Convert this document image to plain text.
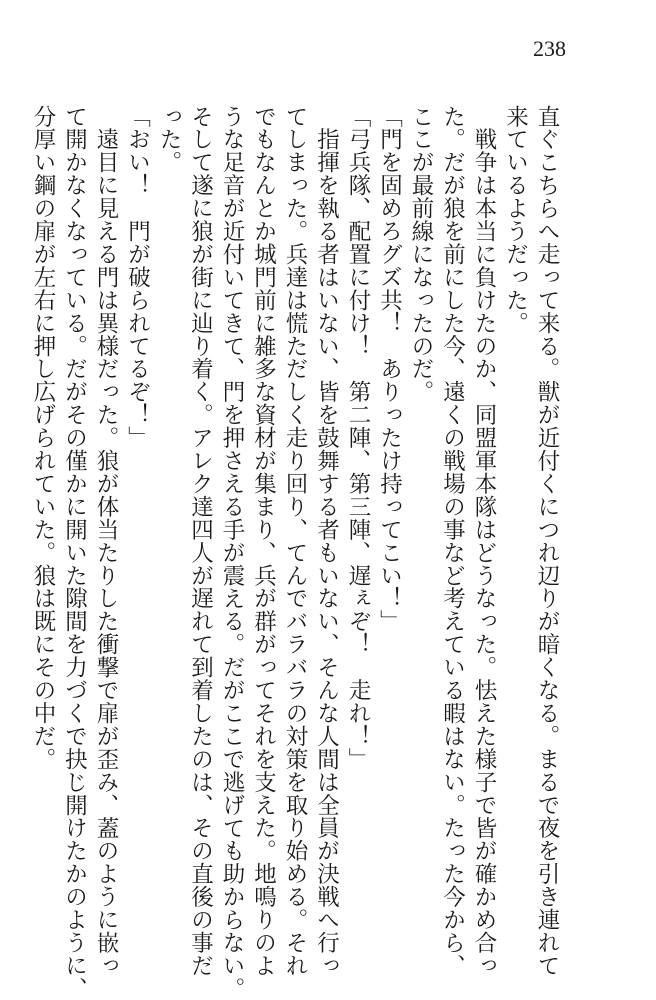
238
直ぐこちらへ走って来る。獣が近付くにつれ辺りが暗くなる。まるで夜を引き連れて
来ているようだった。
　戦争は本当に負けたのか、同盟軍本隊はどうなった。怯えた様子で皆が確かめ合っ
た。だが狼を前にした今、遠くの戦場の事など考えている暇はない。たった今から、
ここが最前線になったのだ。
「門を固めろグズ共！　ありったけ持ってこい！」
「弓兵隊、配置に付け！　第二陣、第三陣、遅ぇぞ！　走れ！」
　指揮を執る者はいない、皆を鼓舞する者もいない、そんな人間は全員が決戦へ行っ
てしまった。兵達は慌ただしく走り回り、てんでバラバラの対策を取り始める。それ
でもなんとか城門前に雑多な資材が集まり、兵が群がってそれを支えた。地鳴りのよ
うな足音が近付いてきて、門を押さえる手が震える。だがここで逃げても助からない。
そして遂に狼が街に辿り着く。アレク達四人が遅れて到着したのは、その直後の事だ
った。
「おい！　門が破られてるぞ！」
　遠目に見える門は異様だった。狼が体当たりした衝撃で扉が歪み、蓋のように嵌っ
て開かなくなっている。だがその僅かに開いた隙間を力づくで抉じ開けたかのように、
分厚い鋼の扉が左右に押し広げられていた。狼は既にその中だ。
